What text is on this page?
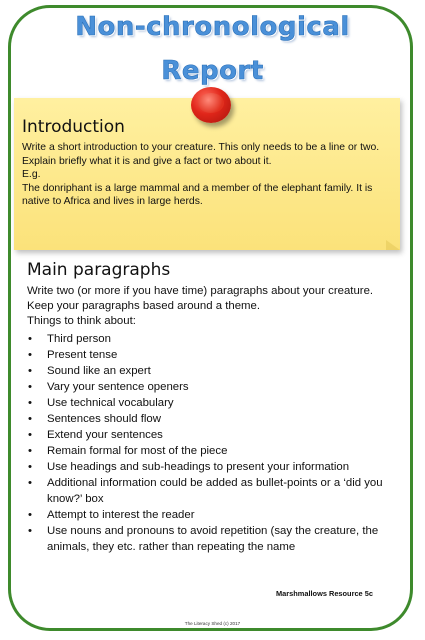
Non-chronological
Report
Introduction

Write a short introduction to your creature. This only needs to be a line or two.

Explain briefly what it is and give a fact or two about it.

E.g.

The donriphant is a large mammal and a member of the elephant family. It is

native to Africa and lives in large herds.

Main paragraphs

Write two (or more if you have time) paragraphs about your creature.

Keep your paragraphs based around a theme.

Things to think about:

• Third person
• Present tense
• Sound like an expert
• Vary your sentence openers
• Use technical vocabulary
• Sentences should flow
• Extend your sentences
• Remain formal for most of the piece
• Use headings and sub-headings to present your information
• Additional information could be added as bullet-points or a ‘did you know?’ box
• Attempt to interest the reader
• Use nouns and pronouns to avoid repetition (say the creature, the animals, they etc. rather than repeating the name
Marshmallows Resource 5c
The Literacy Shed (c) 2017
